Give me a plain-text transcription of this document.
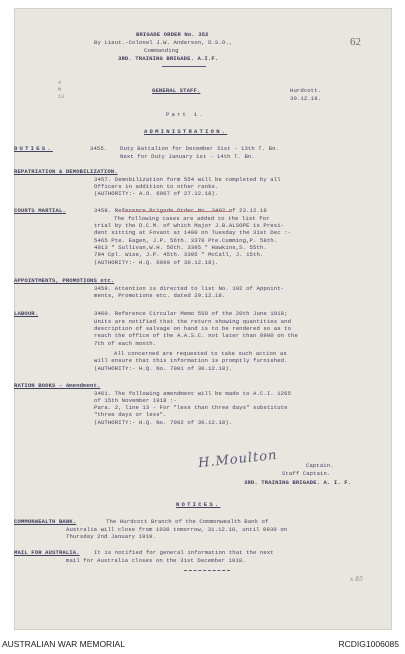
62
4
M
13
BRIGADE ORDER No. 352
By Lieut.-Colonel J.W. Anderson, D.S.O.,
Commanding
3RD. TRAINING BRIGADE. A.I.F.
GENERAL STAFF.	Hurdcott.
30.12.18.
Part 1.
ADMINISTRATION.
DUTIES.	3455. Duty Battalion for December 31st - 13th T. Bn.
Next for Duty January 1st - 14th T. Bn.
REPATRIATION & DEMOBILIZATION.
3457. Demobilization form 554 will be completed by all
Officers in addition to other ranks.
(AUTHORITY:- A.O. 6967 of 27.12.18).
COURTS MARTIAL.	3458. Reference Brigade Order No. 3402 of 23.12.18
The following cases are added to the list for
trial by the D.C.M. of which Major J.B.ALSOPE is Presi-
dent sitting at Fovant at 1400 on Tuesday the 31st Dec :-
5465 Pte. Eagen, J.P. 56th. 3378 Pte.Cumming,P. 58th.
4013 " Sullivan,W.H. 56th. 3395 " Hawkins,S. 55th.
794 Cpl. Wise, J.P. 45th. 3395 " McCall, J. 15th.
(AUTHORITY:- H.Q. 6999 of 30.12.18).
APPOINTMENTS, PROMOTIONS etc.
3459. Attention is directed to list No. 102 of Appoint-
ments, Promotions etc. dated 29.12.18.
LABOUR.	3460. Reference Circular Memo 550 of the 20th June 1918;
Units are notified that the return showing quantities and
description of salvage on hand is to be rendered so as to
reach the office of the A.A.S.C. not later than 0900 on the
7th of each month.
All concerned are requested to take such action as
will ensure that this information is promptly furnished.
(AUTHORITY:- H.Q. No. 7001 of 30.12.18).
RATION BOOKS - Amendment.
3461. The following amendment will be made to A.C.I. 1265
of 15th November 1918 :-
Para. 2, line 13 - For "less than three days" substitute
"three days or less".
(AUTHORITY:- H.Q. No. 7002 of 30.12.18).
H.Moulton	Captain.
Staff Captain.
3RD. TRAINING BRIGADE. A. I. F.
NOTICES.
COMMONWEALTH BANK.	The Hurdcott Branch of the Commonwealth Bank of
Australia will close from 1030 tomorrow, 31.12.18, until 0930 on
Thursday 2nd January 1919.
MAIL FOR AUSTRALIA.	It is notified for general information that the next
mail for Australia closes on the 31st December 1918.
x 85
AUSTRALIAN WAR MEMORIAL	RCDIG1006085
